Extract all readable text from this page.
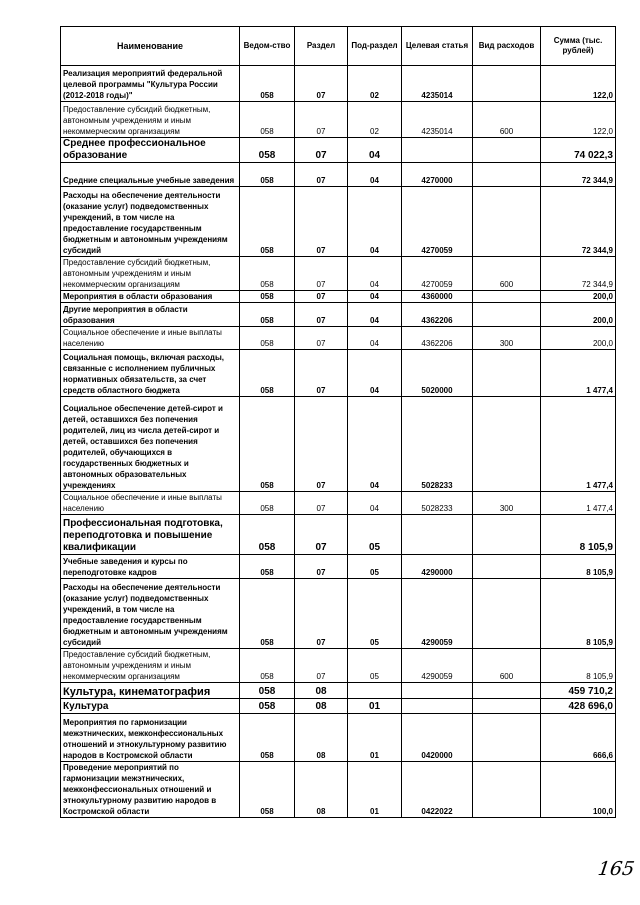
Наименование	Ведом-ство	Раздел	Под-раздел	Целевая статья	Вид расходов	Сумма (тыс. рублей)
Реализация мероприятий федеральной целевой программы "Культура России (2012-2018 годы)"	058	07	02	4235014		122,0
Предоставление субсидий бюджетным, автономным учреждениям и иным некоммерческим организациям	058	07	02	4235014	600	122,0
Среднее профессиональное образование	058	07	04			74 022,3
Средние специальные учебные заведения	058	07	04	4270000		72 344,9
Расходы на обеспечение деятельности (оказание услуг) подведомственных учреждений, в том числе на предоставление государственным бюджетным и автономным учреждениям субсидий	058	07	04	4270059		72 344,9
Предоставление субсидий бюджетным, автономным учреждениям и иным некоммерческим организациям	058	07	04	4270059	600	72 344,9
Мероприятия в области образования	058	07	04	4360000		200,0
Другие мероприятия в области образования	058	07	04	4362206		200,0
Социальное обеспечение и иные выплаты населению	058	07	04	4362206	300	200,0
Социальная помощь, включая расходы, связанные с исполнением публичных нормативных обязательств, за счет средств областного бюджета	058	07	04	5020000		1 477,4
Социальное обеспечение детей-сирот и детей, оставшихся без попечения родителей, лиц из числа детей-сирот и детей, оставшихся без попечения родителей, обучающихся в государственных бюджетных и автономных образовательных учреждениях	058	07	04	5028233		1 477,4
Социальное обеспечение и иные выплаты населению	058	07	04	5028233	300	1 477,4
Профессиональная подготовка, переподготовка и повышение квалификации	058	07	05			8 105,9
Учебные заведения и курсы по переподготовке кадров	058	07	05	4290000		8 105,9
Расходы на обеспечение деятельности (оказание услуг) подведомственных учреждений, в том числе на предоставление государственным бюджетным и автономным учреждениям субсидий	058	07	05	4290059		8 105,9
Предоставление субсидий бюджетным, автономным учреждениям и иным некоммерческим организациям	058	07	05	4290059	600	8 105,9
Культура, кинематография	058	08				459 710,2
Культура	058	08	01			428 696,0
Мероприятия по гармонизации межэтнических, межконфессиональных отношений и этнокультурному развитию народов в Костромской области	058	08	01	0420000		666,6
Проведение мероприятий по гармонизации межэтнических, межконфессиональных отношений и этнокультурному развитию народов в Костромской области	058	08	01	0422022		100,0
165
